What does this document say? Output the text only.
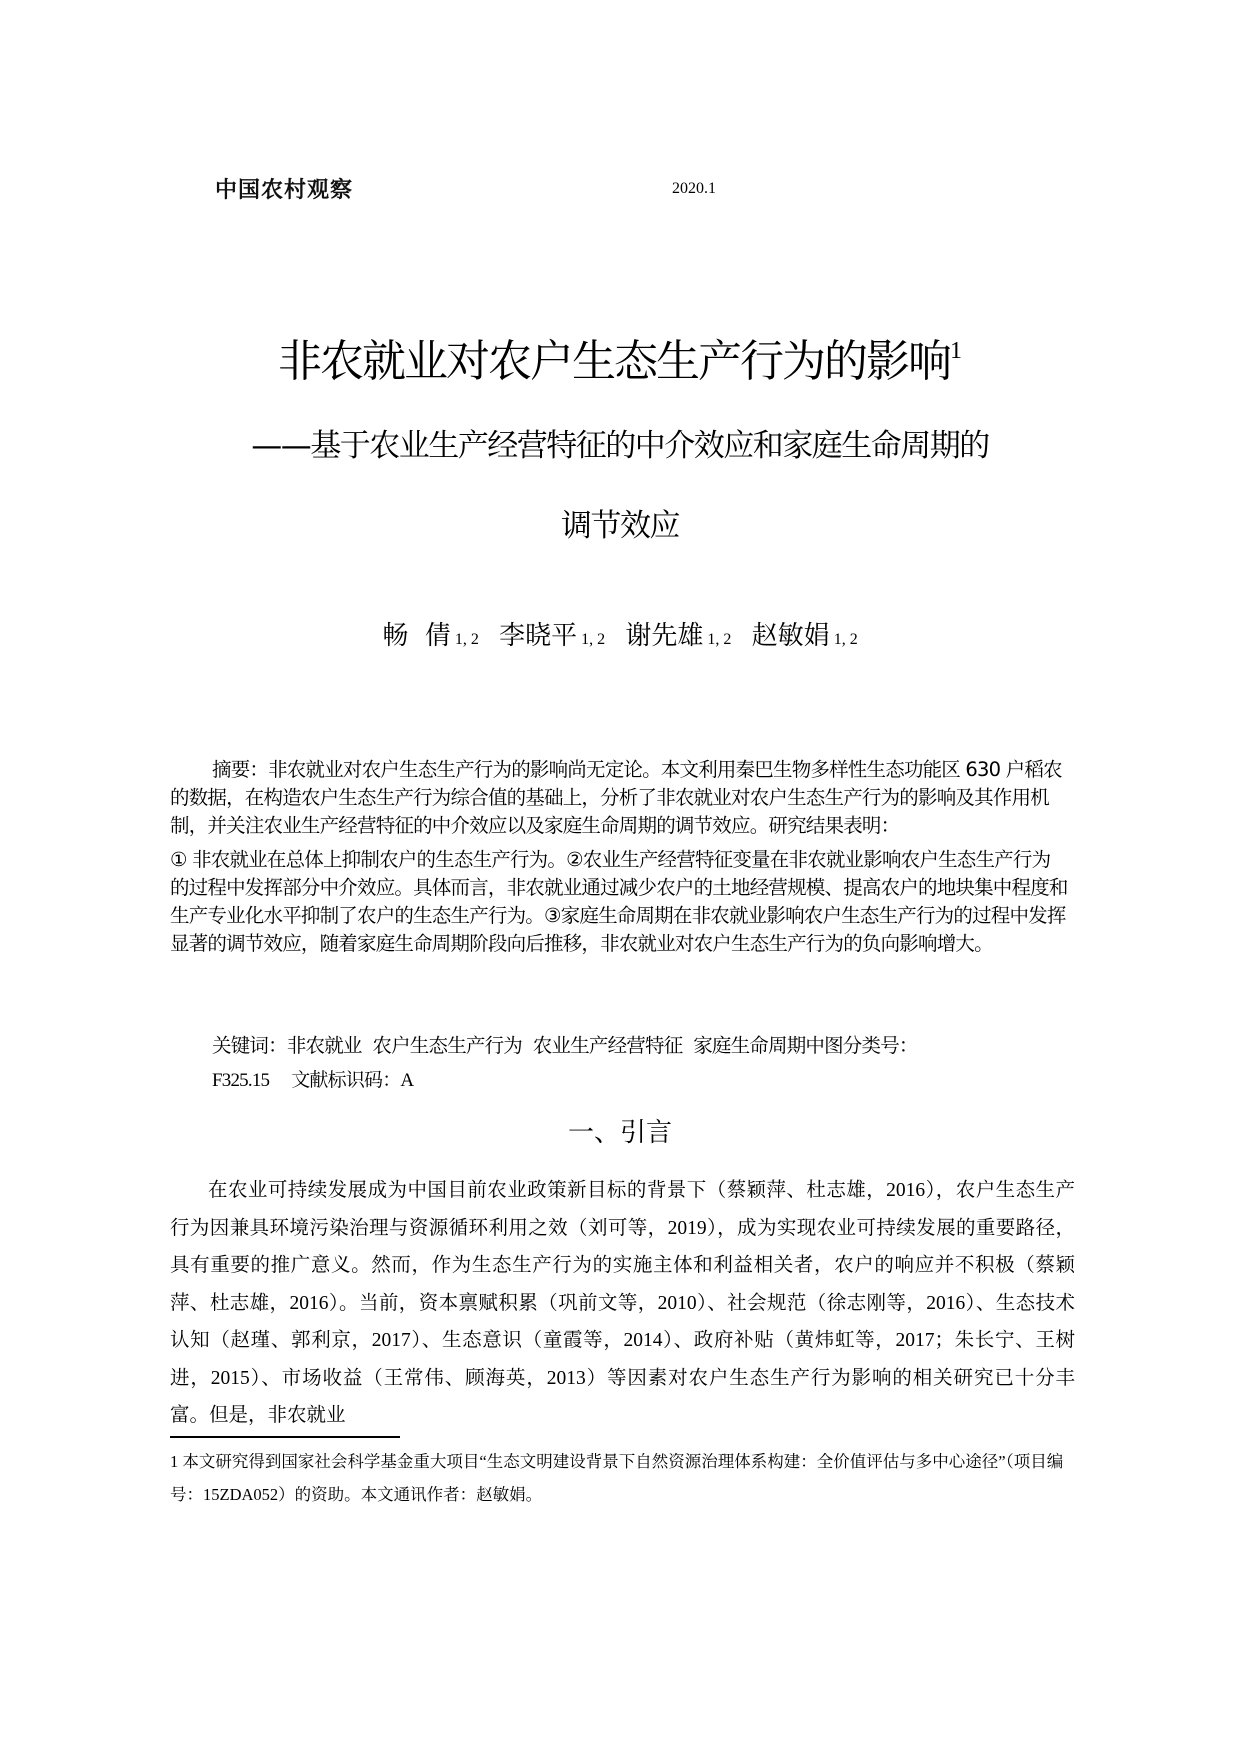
中国农村观察	2020.1
非农就业对农户生态生产行为的影响$^1$
——基于农业生产经营特征的中介效应和家庭生命周期的
调节效应
畅  倩 1, 2 李晓平 1, 2 谢先雄 1, 2 赵敏娟 1, 2

摘要：非农就业对农户生态生产行为的影响尚无定论。本文利用秦巴生物多样性生态功能区 630 户稻农的数据，在构造农户生态生产行为综合值的基础上，分析了非农就业对农户生态生产行为的影响及其作用机制，并关注农业生产经营特征的中介效应以及家庭生命周期的调节效应。研究结果表明：

① 非农就业在总体上抑制农户的生态生产行为。②农业生产经营特征变量在非农就业影响农户生态生产行为的过程中发挥部分中介效应。具体而言，非农就业通过减少农户的土地经营规模、提高农户的地块集中程度和生产专业化水平抑制了农户的生态生产行为。③家庭生命周期在非农就业影响农户生态生产行为的过程中发挥显著的调节效应，随着家庭生命周期阶段向后推移，非农就业对农户生态生产行为的负向影响增大。

关键词：非农就业  农户生态生产行为  农业生产经营特征  家庭生命周期中图分类号：
F325.15 文献标识码：A
一、引言

在农业可持续发展成为中国目前农业政策新目标的背景下（蔡颖萍、杜志雄，2016），农户生态生产行为因兼具环境污染治理与资源循环利用之效（刘可等，2019），成为实现农业可持续发展的重要路径，具有重要的推广意义。然而，作为生态生产行为的实施主体和利益相关者，农户的响应并不积极（蔡颖萍、杜志雄，2016）。当前，资本禀赋积累（巩前文等，2010）、社会规范（徐志刚等，2016）、生态技术认知（赵瑾、郭利京，2017）、生态意识（童霞等，2014）、政府补贴（黄炜虹等，2017；朱长宁、王树进，2015）、市场收益（王常伟、顾海英，2013）等因素对农户生态生产行为影响的相关研究已十分丰富。但是，非农就业

1 本文研究得到国家社会科学基金重大项目“生态文明建设背景下自然资源治理体系构建：全价值评估与多中心途径”（项目编号：15ZDA052）的资助。本文通讯作者：赵敏娟。
